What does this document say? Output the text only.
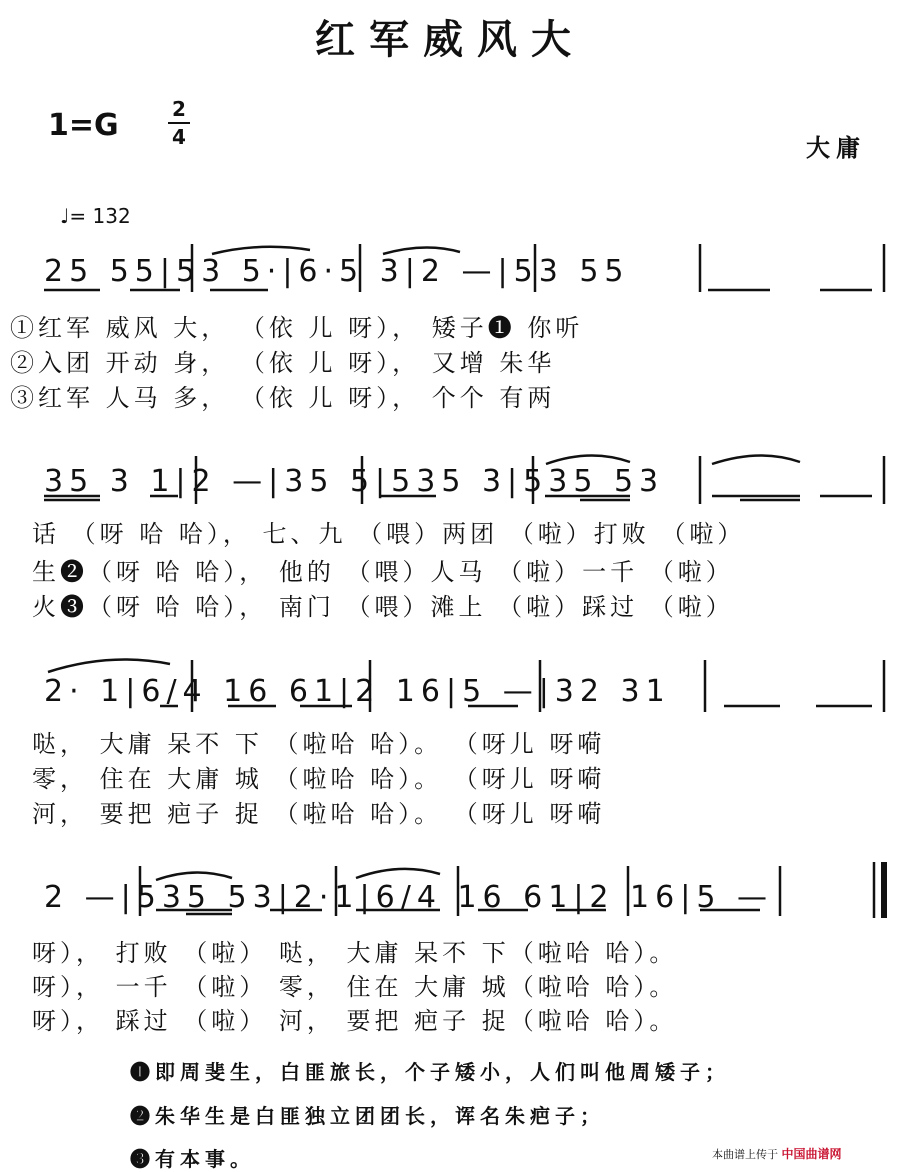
红军威风大
1=G	2
4	大庸
♩= 132
25 55|53 5·|6·5 3|2 —|53 55
①红军 威风 大， （依 儿 呀）， 矮子❶ 你听
②入团 开动 身， （依 儿 呀）， 又增 朱华
③红军 人马 多， （依 儿 呀）， 个个 有两
35 3 1|2 —|35 5|535 3|535 53
话 （呀 哈 哈）， 七、九 （喂）两团 （啦）打败 （啦）
生❷（呀 哈 哈）， 他的 （喂）人马 （啦）一千 （啦）
火❸（呀 哈 哈）， 南门 （喂）滩上 （啦）踩过 （啦）
2· 1|6/4 16 61|2 16|5 —|32 31
哒， 大庸 呆不 下 （啦哈 哈）。 （呀儿 呀嗬
零， 住在 大庸 城 （啦哈 哈）。 （呀儿 呀嗬
河， 要把 疤子 捉 （啦哈 哈）。 （呀儿 呀嗬
2 —|535 53|2·1|6/4 16 61|2 16|5 —
呀）， 打败 （啦） 哒， 大庸 呆不 下（啦哈 哈）。
呀）， 一千 （啦） 零， 住在 大庸 城（啦哈 哈）。
呀）， 踩过 （啦） 河， 要把 疤子 捉（啦哈 哈）。
❶即周斐生，白匪旅长，个子矮小，人们叫他周矮子；
❷朱华生是白匪独立团团长，诨名朱疤子；
❸有本事。	本曲谱上传于 中国曲谱网
